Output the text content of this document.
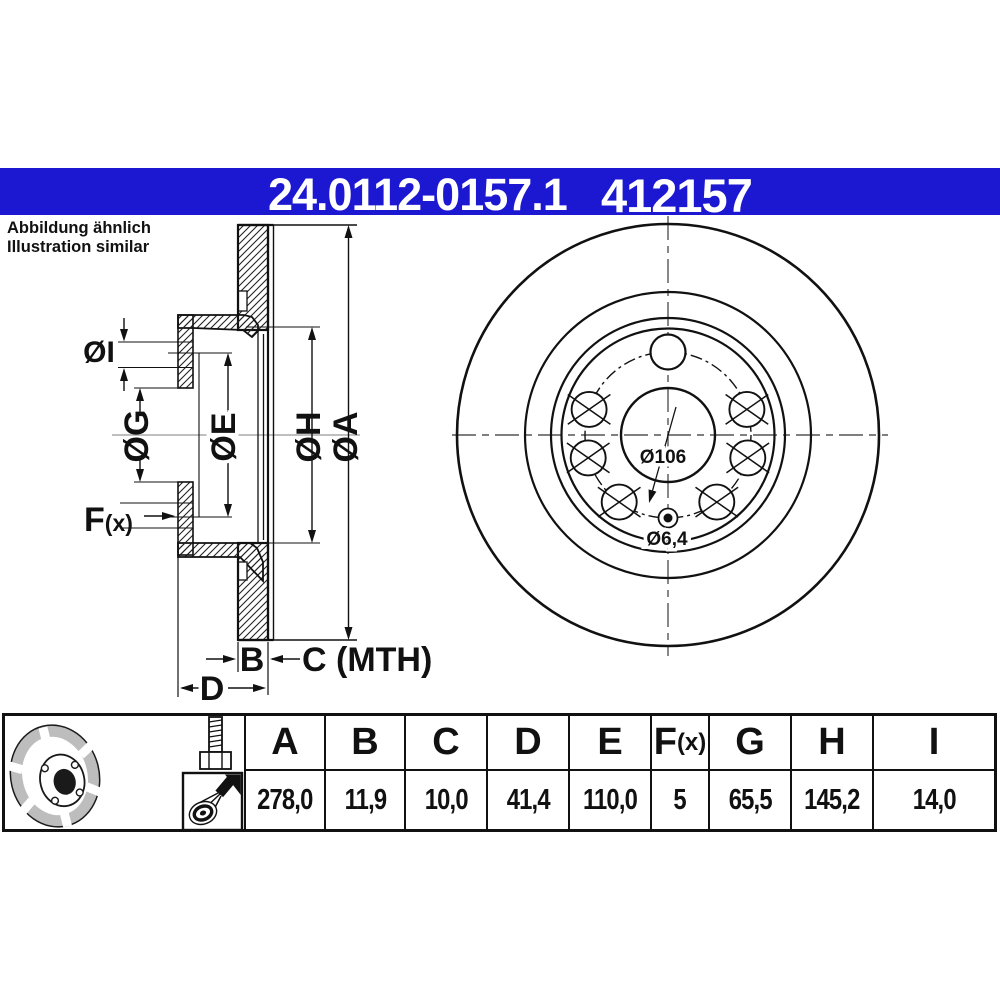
ØA
ØH
ØE
ØG
ØI
F(x)
B C (MTH)
D
Ø106
Ø6,4
24.0112-0157.1 412157
Abbildung ähnlich
Illustration similar
A B C D E F (x) G H I
278,0 11,9 10,0 41,4 110,0 5 65,5 145,2 14,0
